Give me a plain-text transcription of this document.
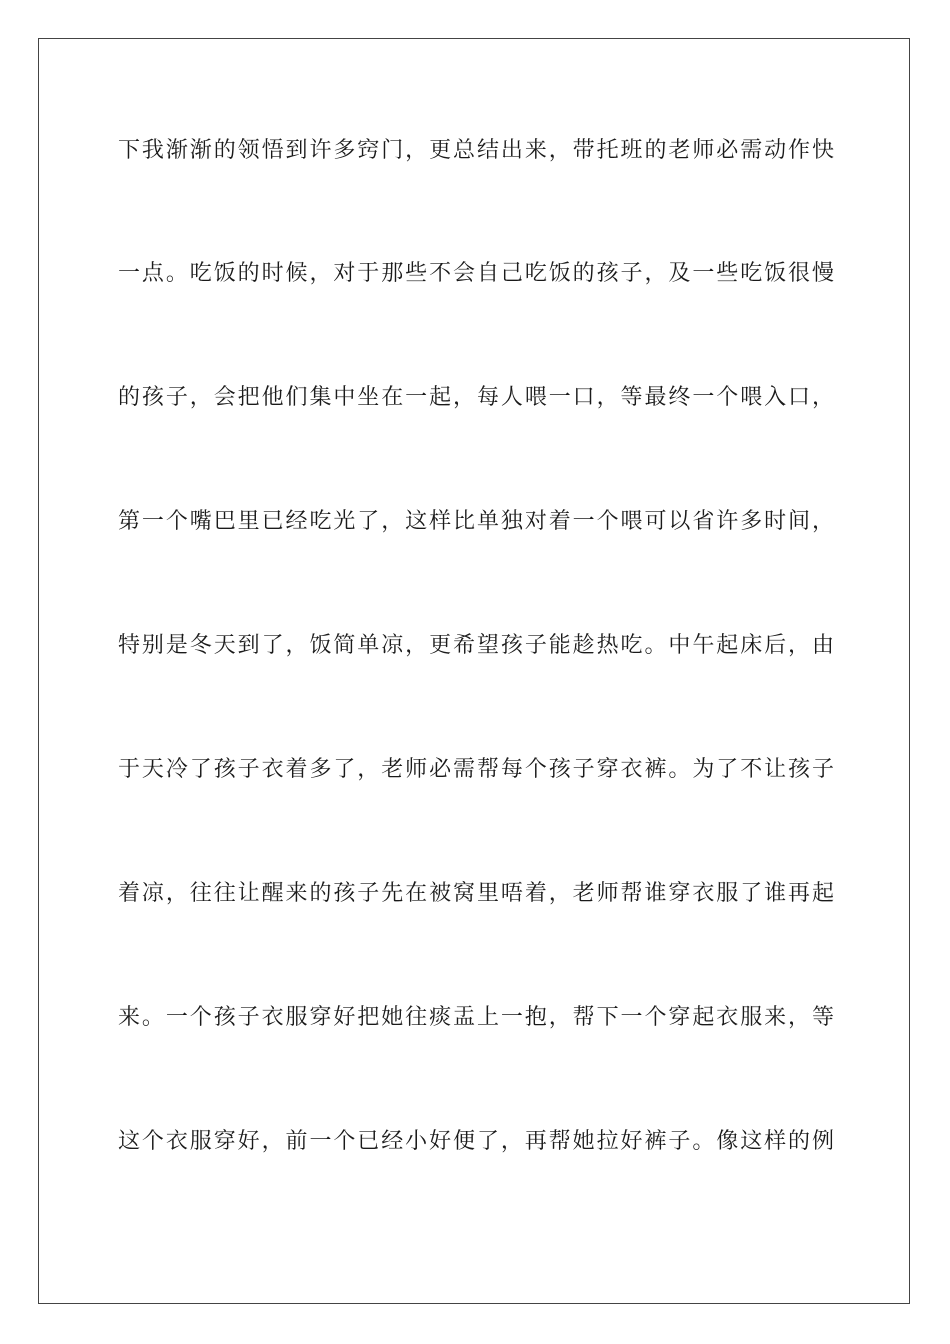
下我渐渐的领悟到许多窍门，更总结出来，带托班的老师必需动作快
一点。吃饭的时候，对于那些不会自己吃饭的孩子，及一些吃饭很慢
的孩子，会把他们集中坐在一起，每人喂一口，等最终一个喂入口，
第一个嘴巴里已经吃光了，这样比单独对着一个喂可以省许多时间，
特别是冬天到了，饭简单凉，更希望孩子能趁热吃。中午起床后，由
于天冷了孩子衣着多了，老师必需帮每个孩子穿衣裤。为了不让孩子
着凉，往往让醒来的孩子先在被窝里唔着，老师帮谁穿衣服了谁再起
来。一个孩子衣服穿好把她往痰盂上一抱，帮下一个穿起衣服来，等
这个衣服穿好，前一个已经小好便了，再帮她拉好裤子。像这样的例
